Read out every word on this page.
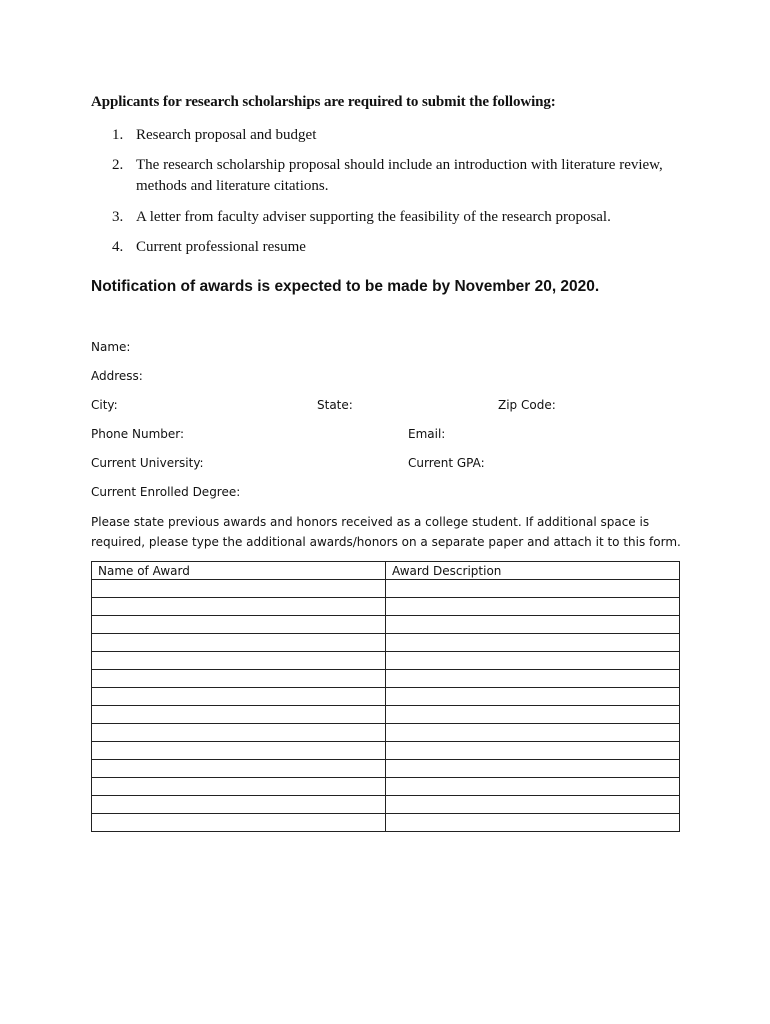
Applicants for research scholarships are required to submit the following:
1. Research proposal and budget
2. The research scholarship proposal should include an introduction with literature review, methods and literature citations.
3. A letter from faculty adviser supporting the feasibility of the research proposal.
4. Current professional resume
Notification of awards is expected to be made by November 20, 2020.
Name:
Address:
City:	State:	Zip Code:
Phone Number:	Email:
Current University:	Current GPA:
Current Enrolled Degree:
Please state previous awards and honors received as a college student. If additional space is required, please type the additional awards/honors on a separate paper and attach it to this form.
Name of Award	Award Description
